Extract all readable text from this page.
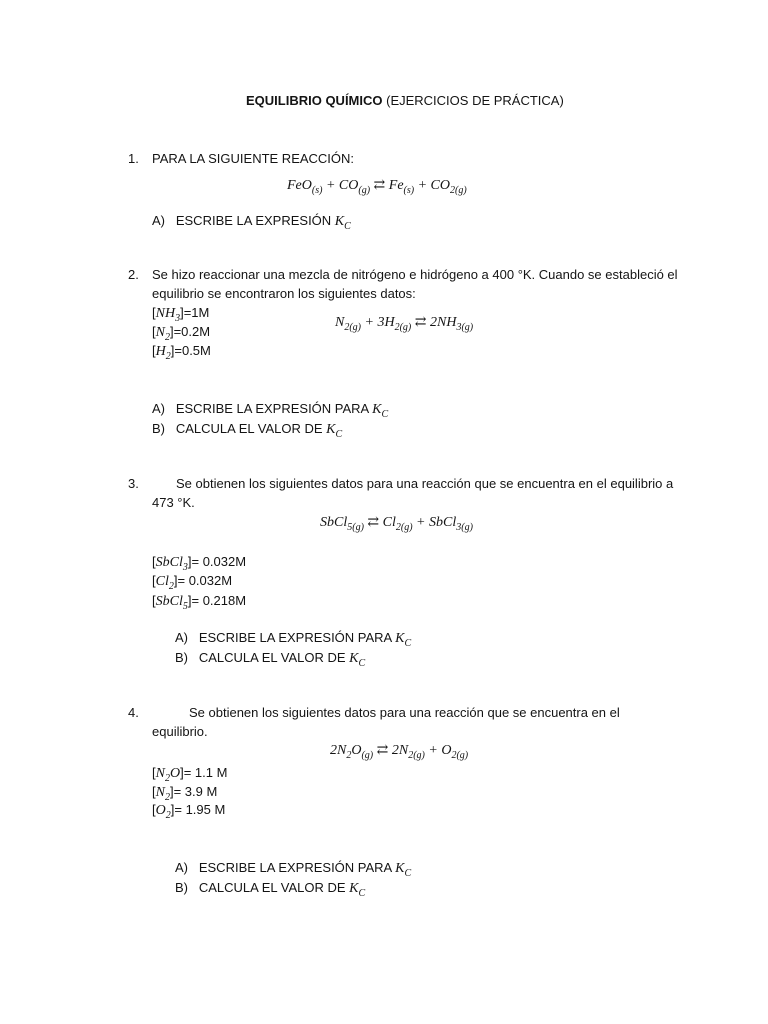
EQUILIBRIO QUÍMICO (EJERCICIOS DE PRÁCTICA)
1. PARA LA SIGUIENTE REACCIÓN:
$FeO_{(s)} + CO_{(g)}$ ⇄ $Fe_{(s)} + CO_{2(g)}$
A) ESCRIBE LA EXPRESIÓN $K_C$
2. Se hizo reaccionar una mezcla de nitrógeno e hidrógeno a 400 °K. Cuando se estableció el
equilibrio se encontraron los siguientes datos:
$[NH_3]=1M$
$[N_2]=0.2M$
$[H_2]=0.5M$
$N_{2(g)} + 3H_{2(g)}$ ⇄ $2NH_{3(g)}$
A) ESCRIBE LA EXPRESIÓN PARA $K_C$
B) CALCULA EL VALOR DE $K_C$
3.	Se obtienen los siguientes datos para una reacción que se encuentra en el equilibrio a
473 °K.
SbCl$_{5(g)}$ ⇄ $Cl_{2(g)}$ + SbCl$_{3(g)}$
[SbCl$_3$]= 0.032M
$[Cl_2]= 0.032M$
[SbCl$_5$]= 0.218M
A) ESCRIBE LA EXPRESIÓN PARA $K_C$
B) CALCULA EL VALOR DE $K_C$
4.	Se obtienen los siguientes datos para una reacción que se encuentra en el
equilibrio.
$2N_2O_{(g)}$ ⇄ $2N_{2(g)} + O_{2(g)}$
$[N_2O]= 1.1$ M
$[N_2]= 3.9$ M
$[O_2]= 1.95$ M
A) ESCRIBE LA EXPRESIÓN PARA $K_C$
B) CALCULA EL VALOR DE $K_C$
